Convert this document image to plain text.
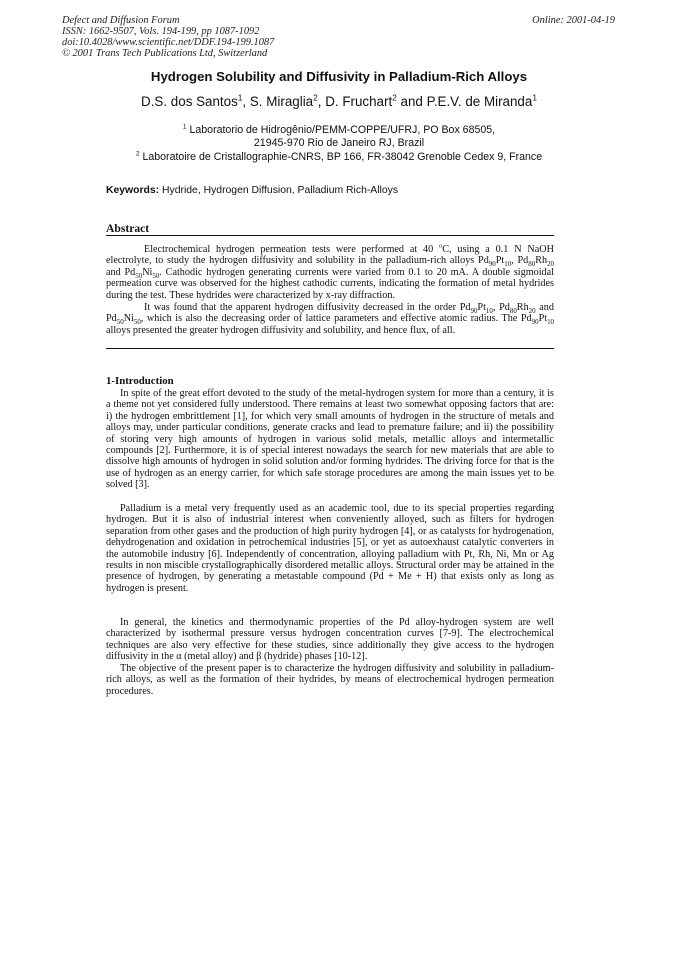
Defect and Diffusion Forum
ISSN: 1662-9507, Vols. 194-199, pp 1087-1092
doi:10.4028/www.scientific.net/DDF.194-199.1087
© 2001 Trans Tech Publications Ltd, Switzerland
Online: 2001-04-19
Hydrogen Solubility and Diffusivity in Palladium-Rich Alloys
D.S. dos Santos$^1$, S. Miraglia$^2$, D. Fruchart$^2$ and P.E.V. de Miranda$^1$
$^1$ Laboratorio de Hidrogênio/PEMM-COPPE/UFRJ, PO Box 68505,
21945-970 Rio de Janeiro RJ, Brazil
$^2$ Laboratoire de Cristallographie-CNRS, BP 166, FR-38042 Grenoble Cedex 9, France
Keywords: Hydride, Hydrogen Diffusion, Palladium Rich-Alloys
Abstract

Electrochemical hydrogen permeation tests were performed at 40 $^o$C, using a 0.1 N NaOH electrolyte, to study the hydrogen diffusivity and solubility in the palladium-rich alloys $Pd_{90}Pt_{10}$, $Pd_{80}Rh_{20}$ and $Pd_{50}Ni_{50}$. Cathodic hydrogen generating currents were varied from 0.1 to 20 mA. A double sigmoidal permeation curve was observed for the highest cathodic currents, indicating the formation of metal hydrides during the test. These hydrides were characterized by x-ray diffraction.

It was found that the apparent hydrogen diffusivity decreased in the order $Pd_{90}Pt_{10}$, $Pd_{80}Rh_{20}$ and $Pd_{50}Ni_{50}$, which is also the decreasing order of lattice parameters and effective atomic radius. The $Pd_{90}Pt_{10}$ alloys presented the greater hydrogen diffusivity and solubility, and hence flux, of all.

1-Introduction

In spite of the great effort devoted to the study of the metal-hydrogen system for more than a century, it is a theme not yet considered fully understood. There remains at least two somewhat opposing factors that are: i) the hydrogen embrittlement [1], for which very small amounts of hydrogen in the structure of metals and alloys may, under particular conditions, generate cracks and lead to premature failure; and ii) the possibility of storing very high amounts of hydrogen in various solid metals, metallic alloys and intermetallic compounds [2]. Furthermore, it is of special interest nowadays the search for new materials that are able to dissolve high amounts of hydrogen in solid solution and/or forming hydrides. The driving force for that is the use of hydrogen as an energy carrier, for which safe storage procedures are among the main issues yet to be solved [3].

Palladium is a metal very frequently used as an academic tool, due to its special properties regarding hydrogen. But it is also of industrial interest when conveniently alloyed, such as filters for hydrogen separation from other gases and the production of high purity hydrogen [4], or as catalysts for hydrogenation, dehydrogenation and oxidation in petrochemical industries [5], or yet as autoexhaust catalytic converters in the automobile industry [6]. Independently of concentration, alloying palladium with Pt, Rh, Ni, Mn or Ag results in non miscible crystallographically disordered metallic alloys. Structural order may be attained in the presence of hydrogen, by generating a metastable compound (Pd + Me + H) that exists only as long as hydrogen is present.

In general, the kinetics and thermodynamic properties of the Pd alloy-hydrogen system are well characterized by isothermal pressure versus hydrogen concentration curves [7-9]. The electrochemical techniques are also very effective for these studies, since additionally they give access to the hydrogen diffusivity in the α (metal alloy) and β (hydride) phases [10-12].

The objective of the present paper is to characterize the hydrogen diffusivity and solubility in palladium-rich alloys, as well as the formation of their hydrides, by means of electrochemical hydrogen permeation procedures.
